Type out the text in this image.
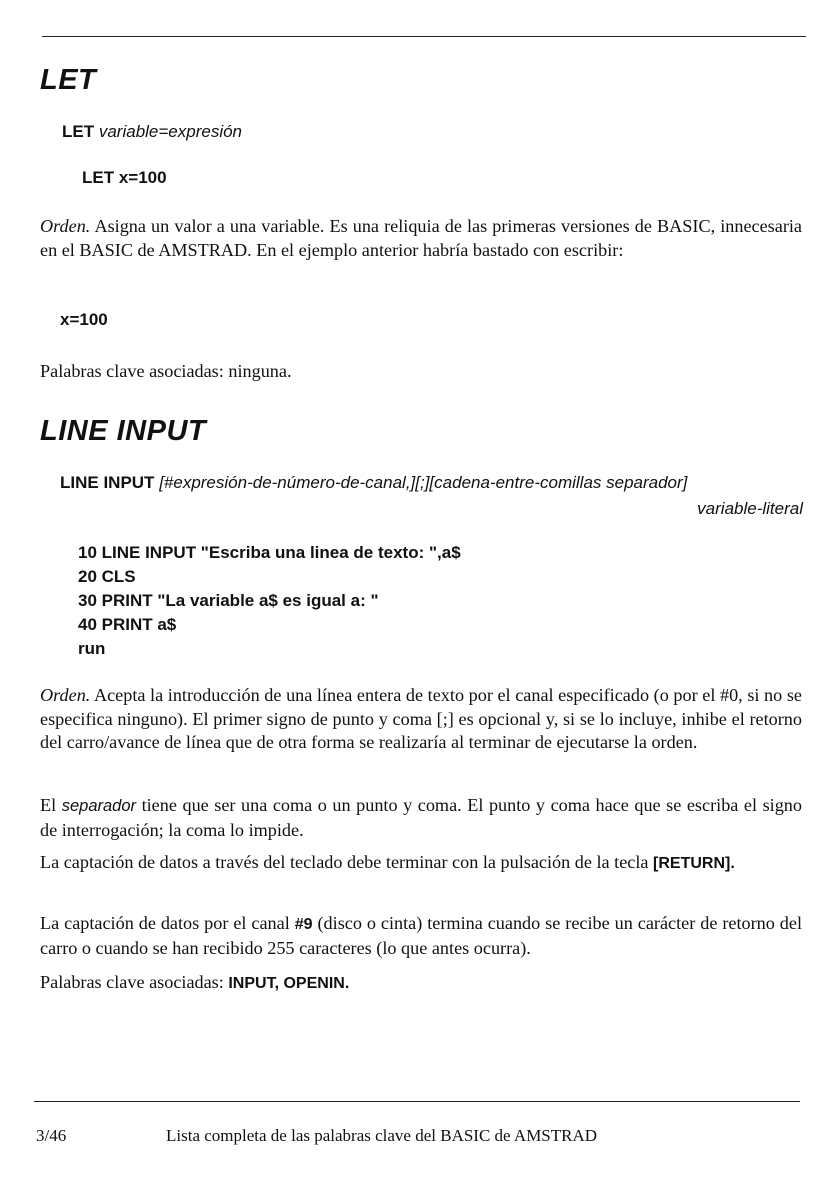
LET
LET variable=expresión
LET x=100
Orden. Asigna un valor a una variable. Es una reliquia de las primeras versiones de BASIC, innecesaria en el BASIC de AMSTRAD. En el ejemplo anterior habría bastado con escribir:
x=100
Palabras clave asociadas: ninguna.
LINE INPUT
LINE INPUT [#expresión-de-número-de-canal,][;][cadena-entre-comillas separador]
variable-literal
10 LINE INPUT "Escriba una linea de texto: ",a$
20 CLS
30 PRINT "La variable a$ es igual a: "
40 PRINT a$
run
Orden. Acepta la introducción de una línea entera de texto por el canal especificado (o por el #0, si no se especifica ninguno). El primer signo de punto y coma [;] es opcional y, si se lo incluye, inhibe el retorno del carro/avance de línea que de otra forma se realizaría al terminar de ejecutarse la orden.
El separador tiene que ser una coma o un punto y coma. El punto y coma hace que se escriba el signo de interrogación; la coma lo impide.
La captación de datos a través del teclado debe terminar con la pulsación de la tecla [RETURN].
La captación de datos por el canal #9 (disco o cinta) termina cuando se recibe un carácter de retorno del carro o cuando se han recibido 255 caracteres (lo que antes ocurra).
Palabras clave asociadas: INPUT, OPENIN.
3/46	Lista completa de las palabras clave del BASIC de AMSTRAD
